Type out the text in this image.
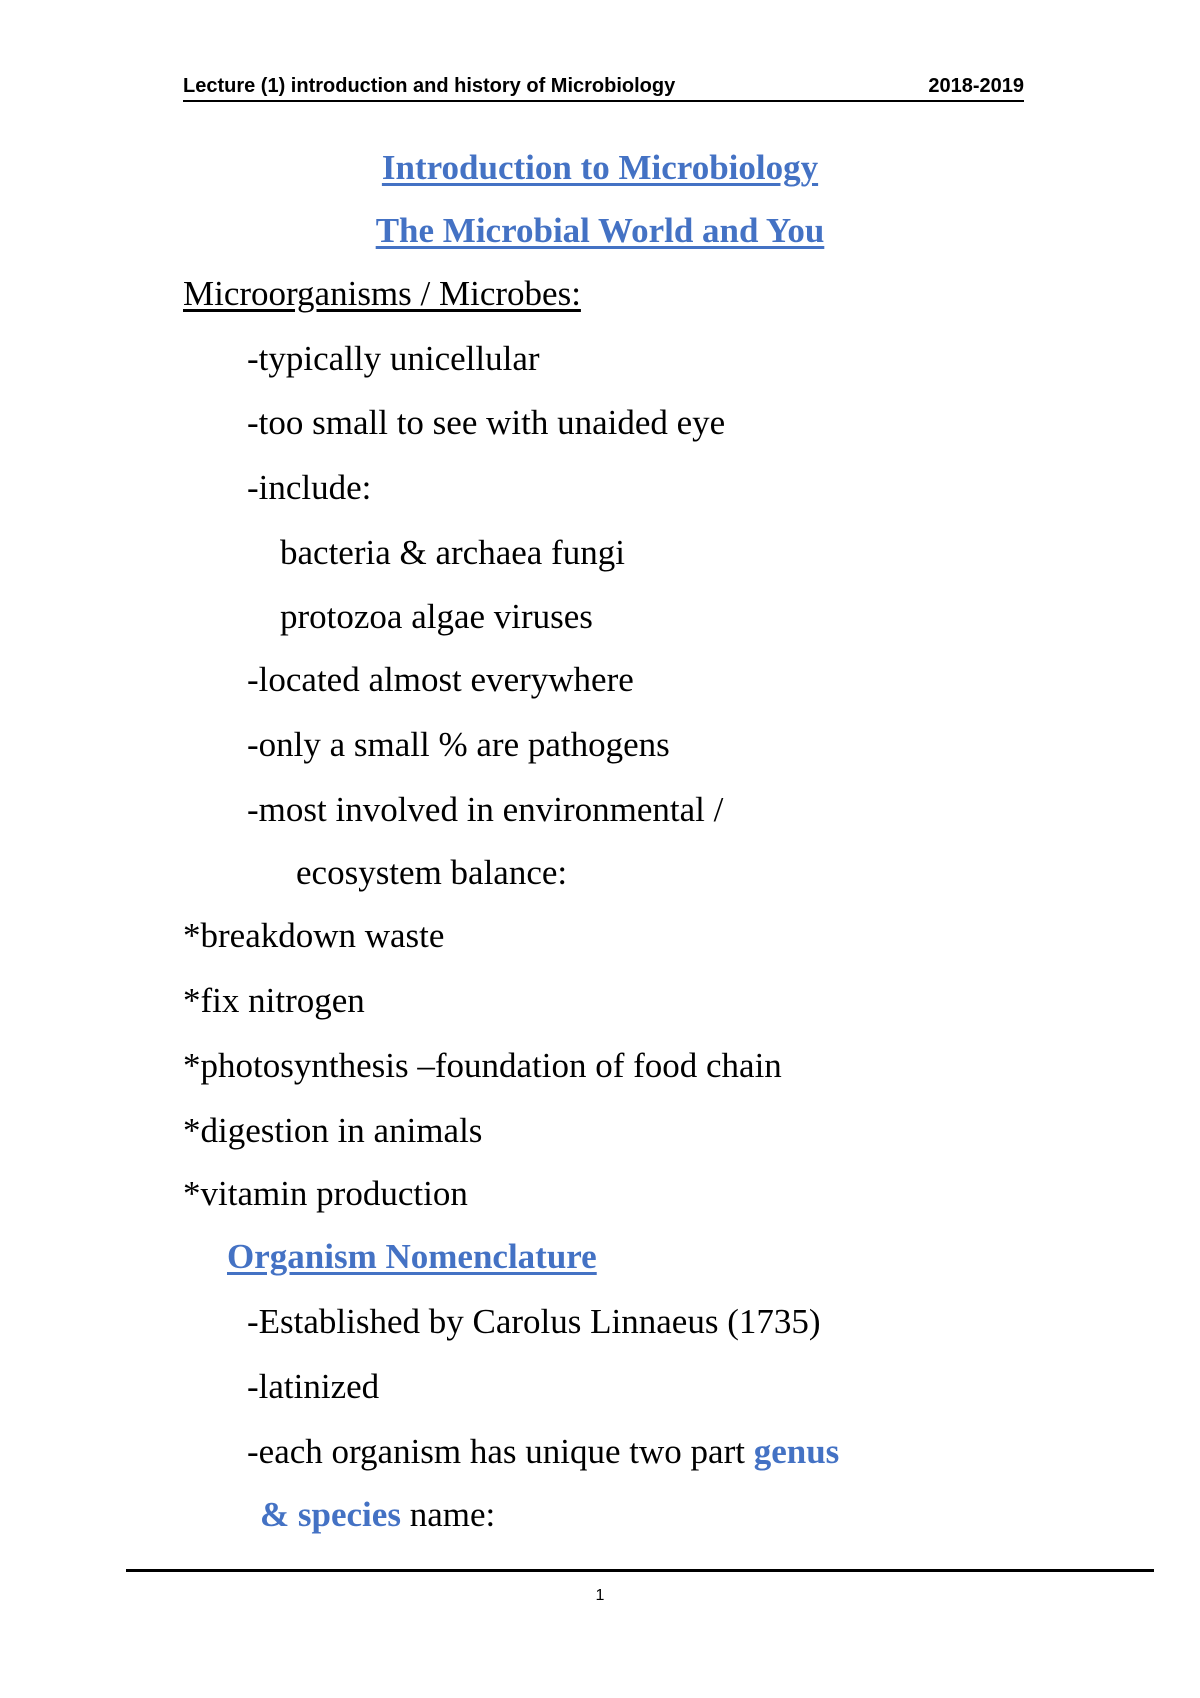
Lecture (1) introduction and history of Microbiology	2018-2019
Introduction to Microbiology
The Microbial World and You
Microorganisms / Microbes:
-typically unicellular
-too small to see with unaided eye
-include:
bacteria & archaea fungi
protozoa algae viruses
-located almost everywhere
-only a small % are pathogens
-most involved in environmental /
ecosystem balance:
*breakdown waste
*fix nitrogen
*photosynthesis –foundation of food chain
*digestion in animals
*vitamin production
Organism Nomenclature
-Established by Carolus Linnaeus (1735)
-latinized
-each organism has unique two part genus
& species name:
1
